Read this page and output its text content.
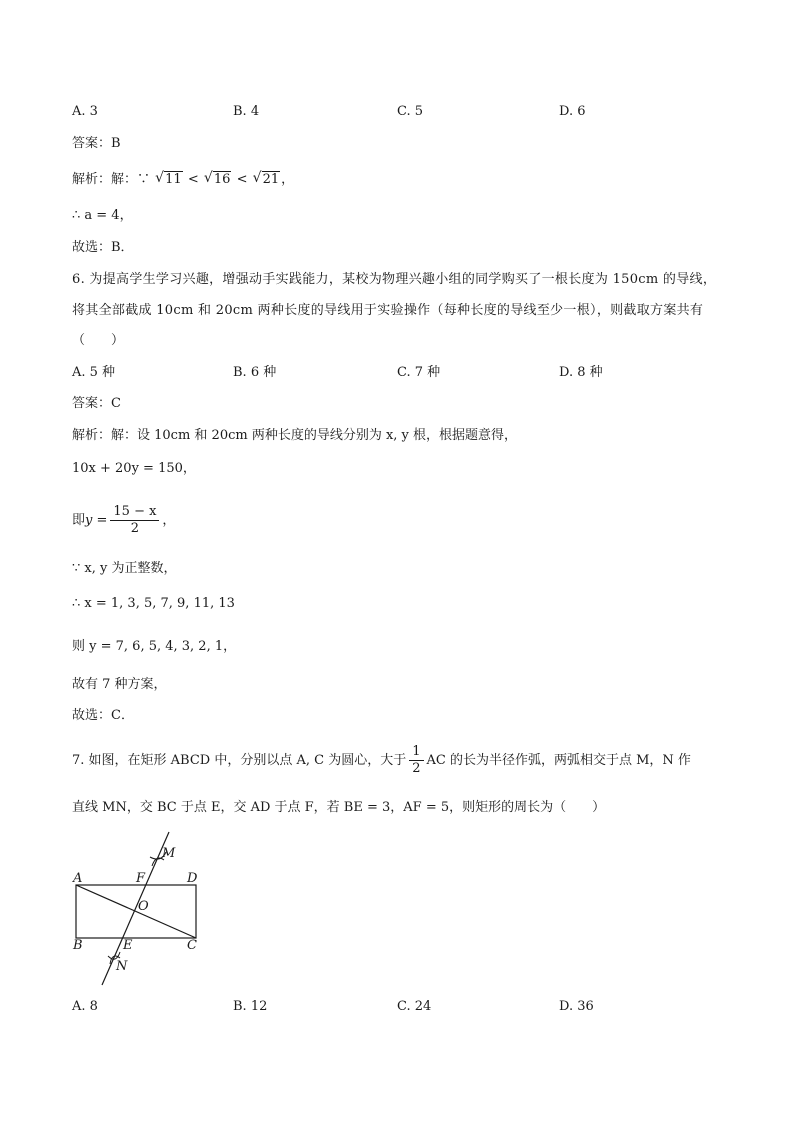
A. 3	B. 4	C. 5	D. 6
答案：B
解析：解：∵ √ 11 < √ 16 < √ 21 ，
∴ a = 4，
故选：B．
6. 为提高学生学习兴趣，增强动手实践能力，某校为物理兴趣小组的同学购买了一根长度为 150cm 的导线，
将其全部截成 10cm 和 20cm 两种长度的导线用于实验操作（每种长度的导线至少一根），则截取方案共有
（　　）
A. 5 种	B. 6 种	C. 7 种	D. 8 种
答案：C
解析：解：设 10cm 和 20cm 两种长度的导线分别为 x, y 根，根据题意得，
10x + 20y = 150，
即$y = \frac{15 - x}{2}$ ，
∵ x, y 为正整数，
∴ x = 1, 3, 5, 7, 9, 11, 13
则 y = 7, 6, 5, 4, 3, 2, 1，
故有 7 种方案，
故选：C．
7. 如图，在矩形 ABCD 中，分别以点 A, C 为圆心，大于 $\frac{1}{2}$ AC 的长为半径作弧，两弧相交于点 M，N 作
直线 MN，交 BC 于点 E，交 AD 于点 F，若 BE = 3，AF = 5，则矩形的周长为（　　）
A	F	D
M
O
B	E	C
N
A. 8	B. 12	C. 24	D. 36
